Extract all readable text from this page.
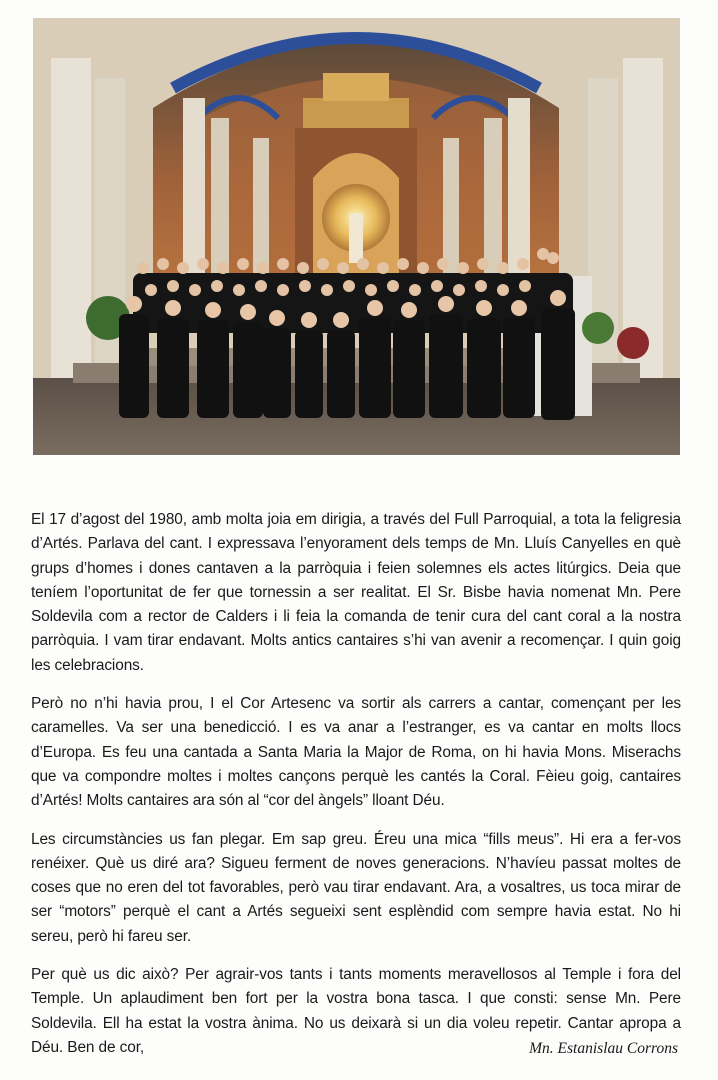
El 17 d’agost del 1980, amb molta joia em dirigia, a través del Full Parroquial, a tota la feligresia d’Artés. Parlava del cant. I expressava l’enyorament dels temps de Mn. Lluís Canyelles en què grups d’homes i dones cantaven a la parròquia i feien solemnes els actes litúrgics. Deia que teníem l’oportunitat de fer que tornessin a ser realitat. El Sr. Bisbe havia nomenat Mn. Pere Soldevila com a rector de Calders i li feia la comanda de tenir cura del cant coral a la nostra parròquia. I vam tirar endavant. Molts antics cantaires s’hi van avenir a recomençar. I quin goig les celebracions.

Però no n’hi havia prou, I el Cor Artesenc va sortir als carrers a cantar, començant per les caramelles. Va ser una benedicció. I es va anar a l’estranger, es va cantar en molts llocs d’Europa. Es feu una cantada a Santa Maria la Major de Roma, on hi havia Mons. Miserachs que va compondre moltes i moltes cançons perquè les cantés la Coral. Fèieu goig, cantaires d’Artés! Molts cantaires ara són al “cor del àngels” lloant Déu.

Les circumstàncies us fan plegar. Em sap greu. Éreu una mica “fills meus”. Hi era a fer-vos renéixer. Què us diré ara? Sigueu ferment de noves generacions. N’havíeu passat moltes de coses que no eren del tot favorables, però vau tirar endavant. Ara, a vosaltres, us toca mirar de ser “motors” perquè el cant a Artés segueixi sent esplèndid com sempre havia estat. No hi sereu, però hi fareu ser.

Per què us dic això? Per agrair-vos tants i tants moments meravellosos al Temple i fora del Temple. Un aplaudiment ben fort per la vostra bona tasca. I que consti: sense Mn. Pere Soldevila. Ell ha estat la vostra ànima. No us deixarà si un dia voleu repetir. Cantar apropa a Déu. Ben de cor,	Mn. Estanislau Corrons
